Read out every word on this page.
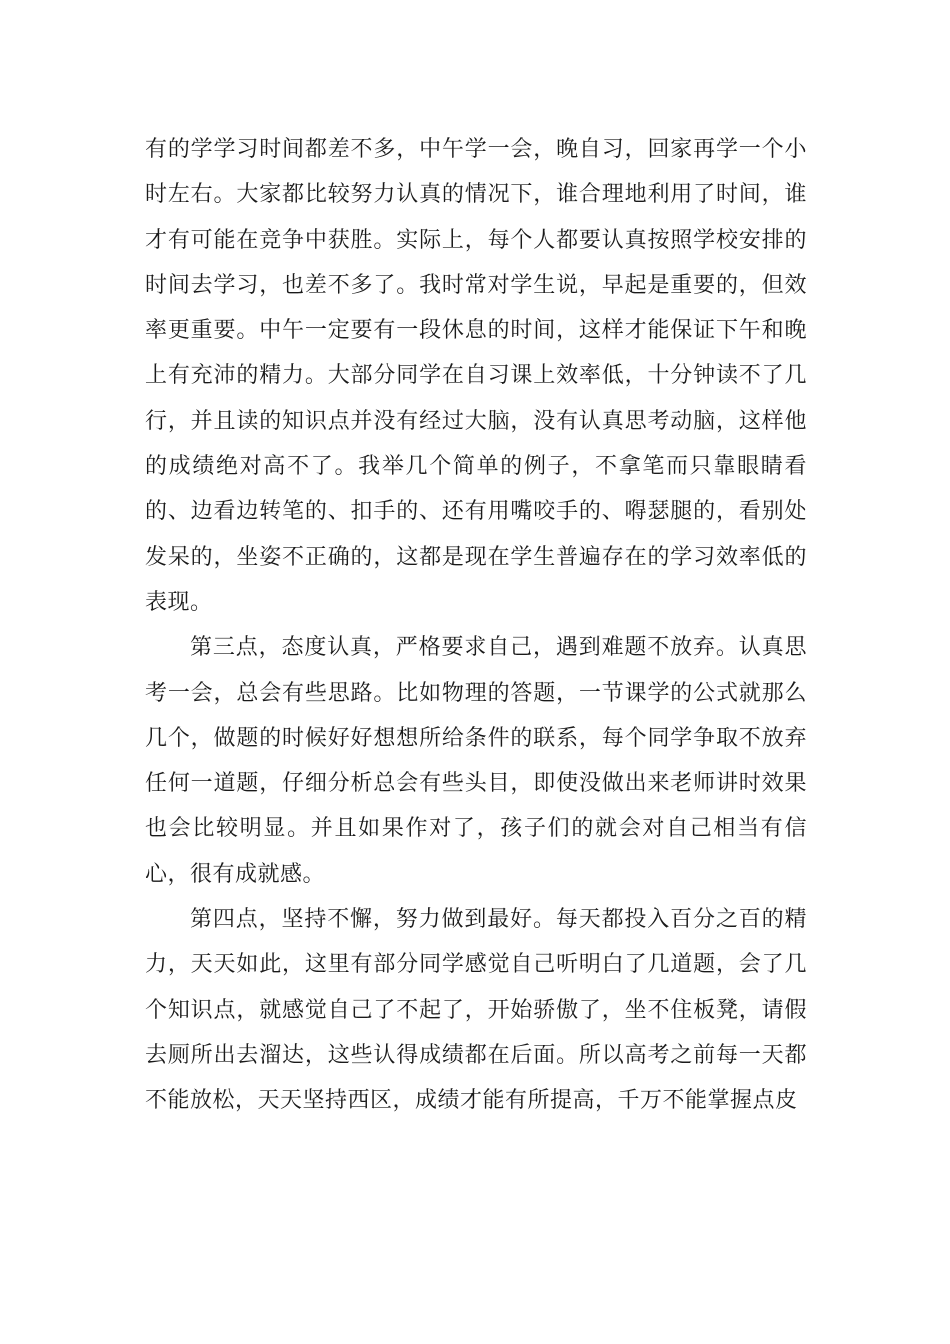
有的学学习时间都差不多，中午学一会，晚自习，回家再学一个小时左右。大家都比较努力认真的情况下，谁合理地利用了时间，谁才有可能在竞争中获胜。实际上，每个人都要认真按照学校安排的时间去学习，也差不多了。我时常对学生说，早起是重要的，但效率更重要。中午一定要有一段休息的时间，这样才能保证下午和晚上有充沛的精力。大部分同学在自习课上效率低，十分钟读不了几行，并且读的知识点并没有经过大脑，没有认真思考动脑，这样他的成绩绝对高不了。我举几个简单的例子，不拿笔而只靠眼睛看的、边看边转笔的、扣手的、还有用嘴咬手的、嘚瑟腿的，看别处发呆的，坐姿不正确的，这都是现在学生普遍存在的学习效率低的表现。

第三点，态度认真，严格要求自己，遇到难题不放弃。认真思考一会，总会有些思路。比如物理的答题，一节课学的公式就那么几个，做题的时候好好想想所给条件的联系，每个同学争取不放弃任何一道题，仔细分析总会有些头目，即使没做出来老师讲时效果也会比较明显。并且如果作对了，孩子们的就会对自己相当有信心，很有成就感。

第四点，坚持不懈，努力做到最好。每天都投入百分之百的精力，天天如此，这里有部分同学感觉自己听明白了几道题，会了几个知识点，就感觉自己了不起了，开始骄傲了，坐不住板凳，请假去厕所出去溜达，这些认得成绩都在后面。所以高考之前每一天都不能放松，天天坚持西区，成绩才能有所提高，千万不能掌握点皮
